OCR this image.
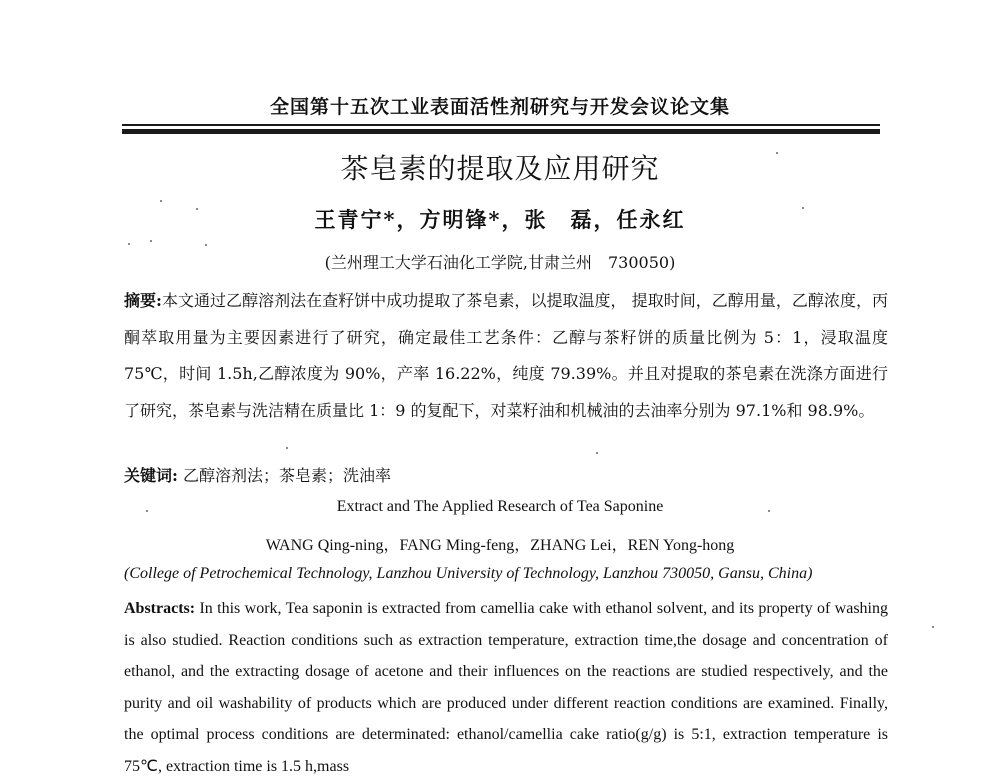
全国第十五次工业表面活性剂研究与开发会议论文集
茶皂素的提取及应用研究
王青宁*，方明锋*，张　磊，任永红
(兰州理工大学石油化工学院,甘肃兰州　730050)
摘要:本文通过乙醇溶剂法在查籽饼中成功提取了茶皂素，以提取温度， 提取时间，乙醇用量，乙醇浓度，丙酮萃取用量为主要因素进行了研究，确定最佳工艺条件：乙醇与茶籽饼的质量比例为 5：1，浸取温度 75℃，时间 1.5h,乙醇浓度为 90%，产率 16.22%，纯度 79.39%。并且对提取的茶皂素在洗涤方面进行了研究，茶皂素与洗洁精在质量比 1：9 的复配下，对菜籽油和机械油的去油率分别为 97.1%和 98.9%。
关键词: 乙醇溶剂法；茶皂素；洗油率
Extract and The Applied Research of Tea Saponine
WANG Qing-ning，FANG Ming-feng，ZHANG Lei，REN Yong-hong
(College of Petrochemical Technology, Lanzhou University of Technology, Lanzhou 730050, Gansu, China)
Abstracts: In this work, Tea saponin is extracted from camellia cake with ethanol solvent, and its property of washing is also studied. Reaction conditions such as extraction temperature, extraction time,the dosage and concentration of ethanol, and the extracting dosage of acetone and their influences on the reactions are studied respectively, and the purity and oil washability of products which are produced under different reaction conditions are examined. Finally, the optimal process conditions are determinated: ethanol/camellia cake ratio(g/g) is 5:1, extraction temperature is 75℃, extraction time is 1.5 h,mass
